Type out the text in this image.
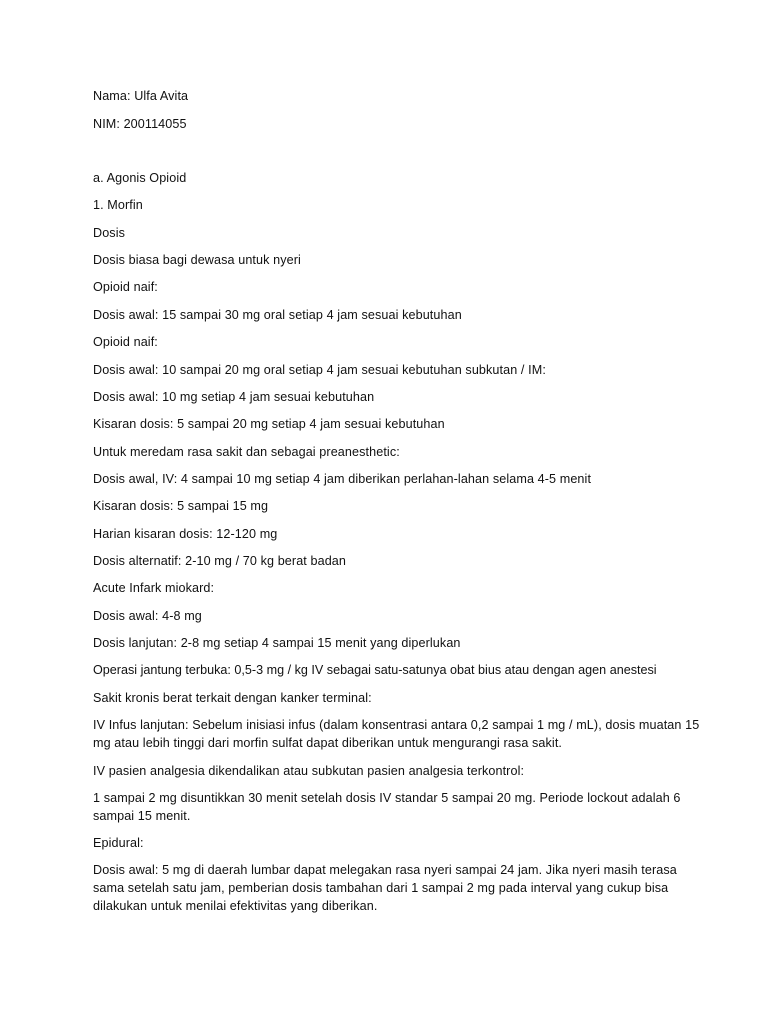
Nama: Ulfa Avita
NIM: 200114055
a. Agonis Opioid
1. Morfin
Dosis
Dosis biasa bagi dewasa untuk nyeri
Opioid naif:
Dosis awal: 15 sampai 30 mg oral setiap 4 jam sesuai kebutuhan
Opioid naif:
Dosis awal: 10 sampai 20 mg oral setiap 4 jam sesuai kebutuhan subkutan / IM:
Dosis awal: 10 mg setiap 4 jam sesuai kebutuhan
Kisaran dosis: 5 sampai 20 mg setiap 4 jam sesuai kebutuhan
Untuk meredam rasa sakit dan sebagai preanesthetic:
Dosis awal, IV: 4 sampai 10 mg setiap 4 jam diberikan perlahan-lahan selama 4-5 menit
Kisaran dosis: 5 sampai 15 mg
Harian kisaran dosis: 12-120 mg
Dosis alternatif: 2-10 mg / 70 kg berat badan
Acute Infark miokard:
Dosis awal: 4-8 mg
Dosis lanjutan: 2-8 mg setiap 4 sampai 15 menit yang diperlukan
Operasi jantung terbuka: 0,5-3 mg / kg IV sebagai satu-satunya obat bius atau dengan agen anestesi
Sakit kronis berat terkait dengan kanker terminal:
IV Infus lanjutan: Sebelum inisiasi infus (dalam konsentrasi antara 0,2 sampai 1 mg / mL), dosis muatan 15 mg atau lebih tinggi dari morfin sulfat dapat diberikan untuk mengurangi rasa sakit.
IV pasien analgesia dikendalikan atau subkutan pasien analgesia terkontrol:
1 sampai 2 mg disuntikkan 30 menit setelah dosis IV standar 5 sampai 20 mg. Periode lockout adalah 6 sampai 15 menit.
Epidural:
Dosis awal: 5 mg di daerah lumbar dapat melegakan rasa nyeri sampai 24 jam. Jika nyeri masih terasa sama setelah satu jam, pemberian dosis tambahan dari 1 sampai 2 mg pada interval yang cukup bisa dilakukan untuk menilai efektivitas yang diberikan.
